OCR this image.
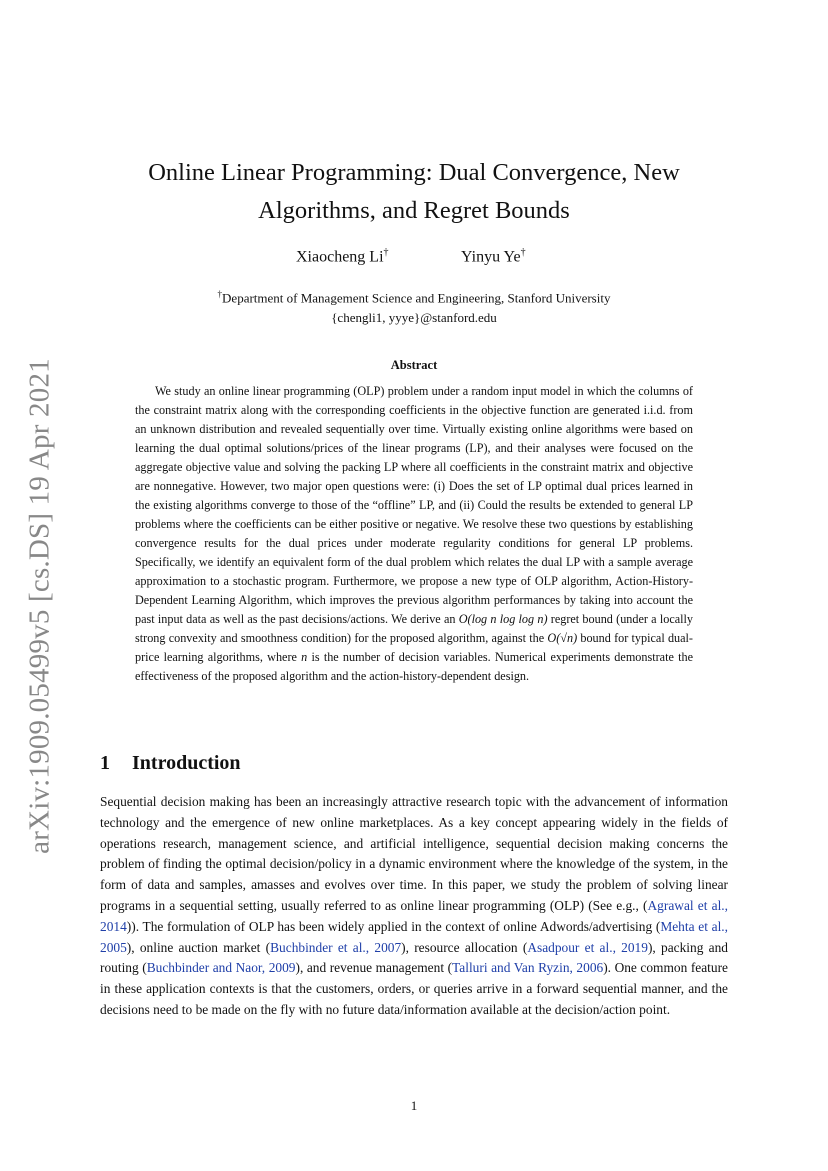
arXiv:1909.05499v5 [cs.DS] 19 Apr 2021
Online Linear Programming: Dual Convergence, New Algorithms, and Regret Bounds
Xiaocheng Li†	Yinyu Ye†
†Department of Management Science and Engineering, Stanford University
{chengli1, yyye}@stanford.edu
Abstract

We study an online linear programming (OLP) problem under a random input model in which the columns of the constraint matrix along with the corresponding coefficients in the objective function are generated i.i.d. from an unknown distribution and revealed sequentially over time. Virtually existing online algorithms were based on learning the dual optimal solutions/prices of the linear programs (LP), and their analyses were focused on the aggregate objective value and solving the packing LP where all coefficients in the constraint matrix and objective are nonnegative. However, two major open questions were: (i) Does the set of LP optimal dual prices learned in the existing algorithms converge to those of the “offline” LP, and (ii) Could the results be extended to general LP problems where the coefficients can be either positive or negative. We resolve these two questions by establishing convergence results for the dual prices under moderate regularity conditions for general LP problems. Specifically, we identify an equivalent form of the dual problem which relates the dual LP with a sample average approximation to a stochastic program. Furthermore, we propose a new type of OLP algorithm, Action-History-Dependent Learning Algorithm, which improves the previous algorithm performances by taking into account the past input data as well as the past decisions/actions. We derive an O(log n log log n) regret bound (under a locally strong convexity and smoothness condition) for the proposed algorithm, against the O(√n) bound for typical dual-price learning algorithms, where n is the number of decision variables. Numerical experiments demonstrate the effectiveness of the proposed algorithm and the action-history-dependent design.

1 Introduction

Sequential decision making has been an increasingly attractive research topic with the advancement of information technology and the emergence of new online marketplaces. As a key concept appearing widely in the fields of operations research, management science, and artificial intelligence, sequential decision making concerns the problem of finding the optimal decision/policy in a dynamic environment where the knowledge of the system, in the form of data and samples, amasses and evolves over time. In this paper, we study the problem of solving linear programs in a sequential setting, usually referred to as online linear programming (OLP) (See e.g., (Agrawal et al., 2014)). The formulation of OLP has been widely applied in the context of online Adwords/advertising (Mehta et al., 2005), online auction market (Buchbinder et al., 2007), resource allocation (Asadpour et al., 2019), packing and routing (Buchbinder and Naor, 2009), and revenue management (Talluri and Van Ryzin, 2006). One common feature in these application contexts is that the customers, orders, or queries arrive in a forward sequential manner, and the decisions need to be made on the fly with no future data/information available at the decision/action point.

1
